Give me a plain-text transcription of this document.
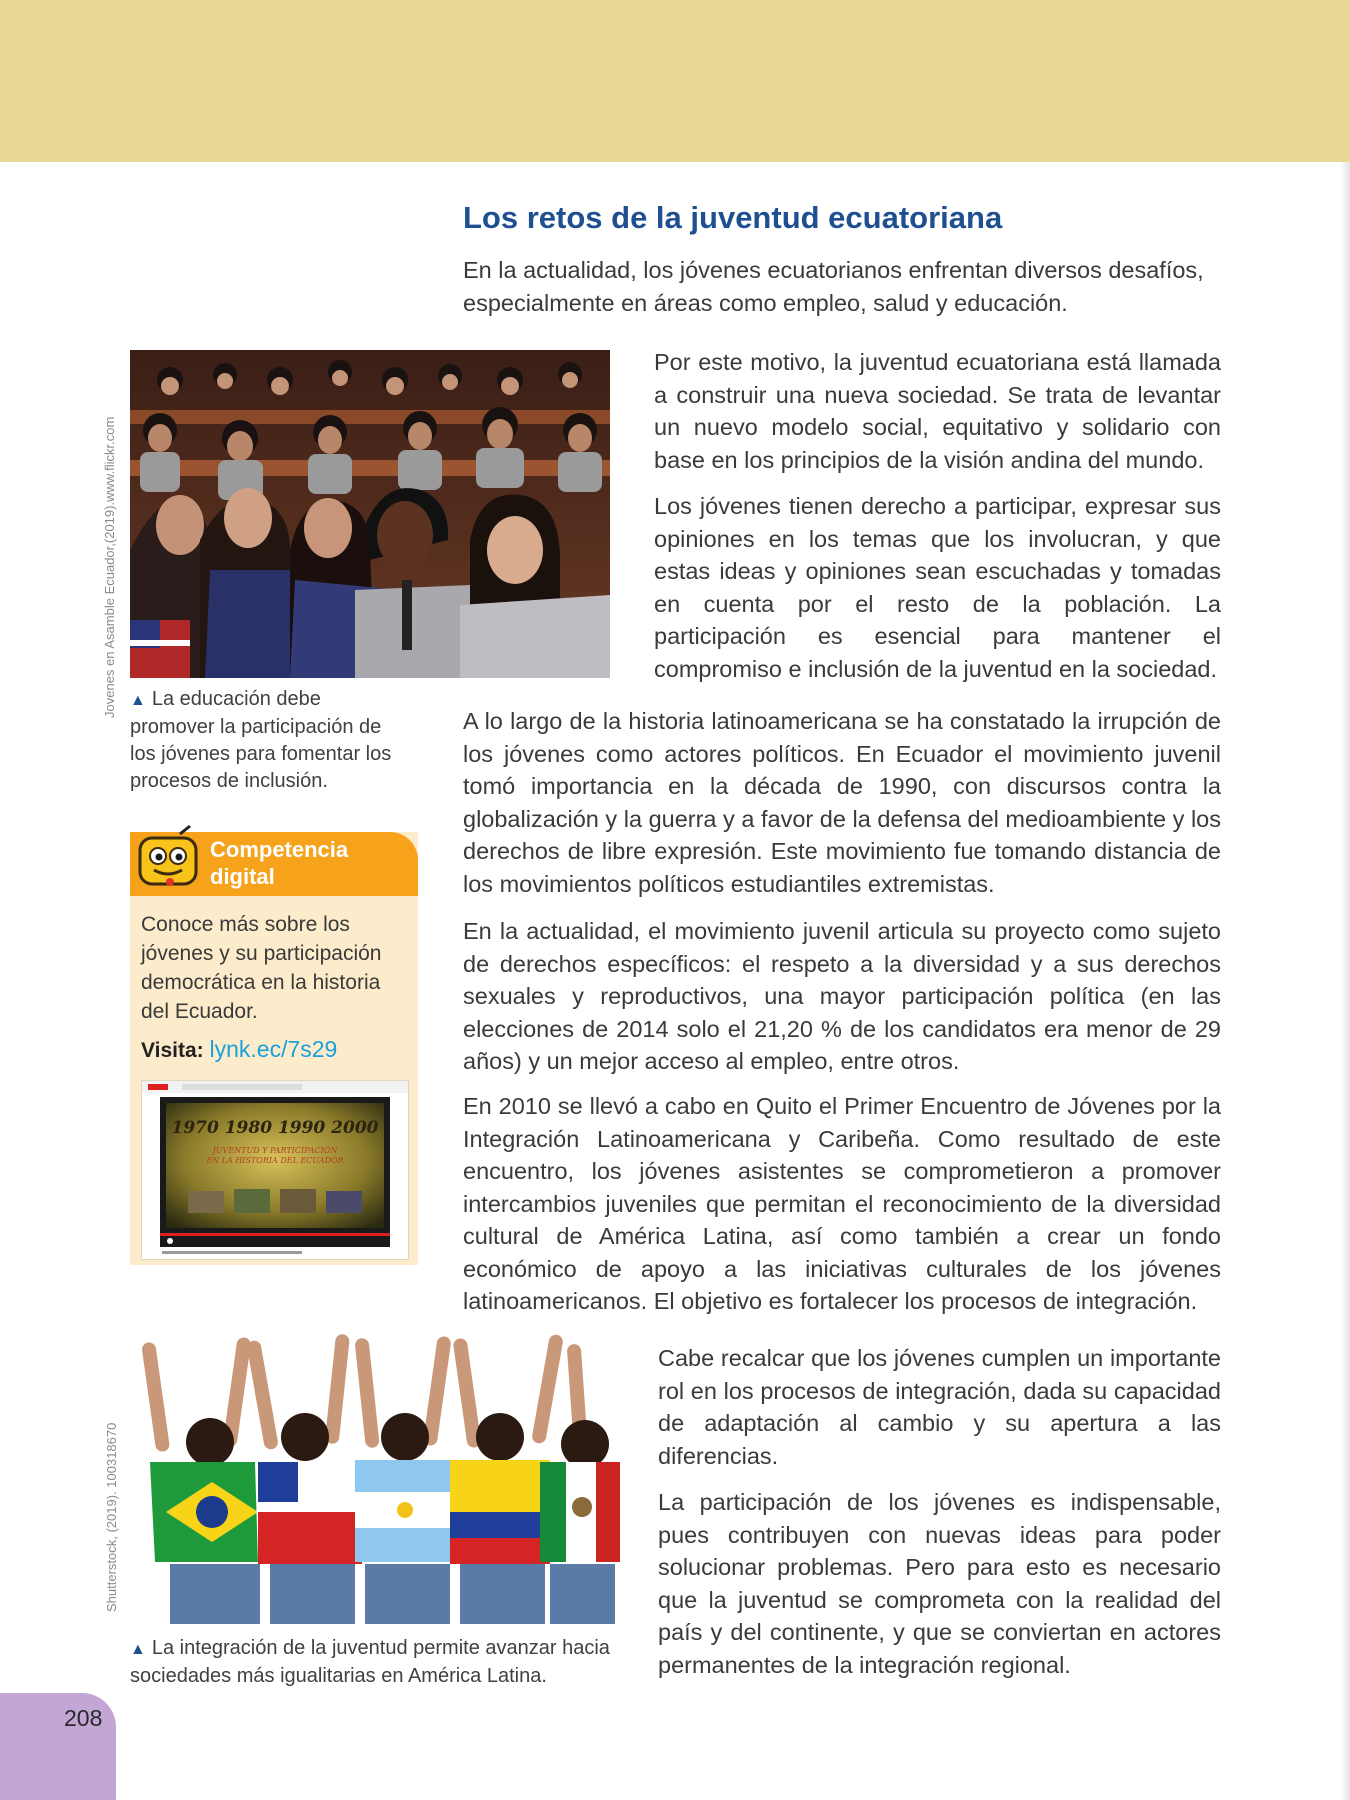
Los retos de la juventud ecuatoriana

En la actualidad, los jóvenes ecuatorianos enfrentan diversos desafíos, especialmente en áreas como empleo, salud y educación.

Jovenes en Asamble Ecuador,(2019).www.flickr.com

Por este motivo, la juventud ecuatoriana está llamada a construir una nueva sociedad. Se trata de levantar un nuevo modelo social, equitativo y solidario con base en los principios de la visión andina del mundo.

Los jóvenes tienen derecho a participar, expresar sus opiniones en los temas que los involucran, y que estas ideas y opiniones sean escuchadas y tomadas en cuenta por el resto de la población. La participación es esencial para mantener el compromiso e inclusión de la juventud en la sociedad.

▲ La educación debe promover la participación de los jóvenes para fomentar los procesos de inclusión.

A lo largo de la historia latinoamericana se ha constatado la irrupción de los jóvenes como actores políticos. En Ecuador el movimiento juvenil tomó importancia en la década de 1990, con discursos contra la globalización y la guerra y a favor de la defensa del medioambiente y los derechos de libre expresión. Este movimiento fue tomando distancia de los movimientos políticos estudiantiles extremistas.

En la actualidad, el movimiento juvenil articula su proyecto como sujeto de derechos específicos: el respeto a la diversidad y a sus derechos sexuales y reproductivos, una mayor participación política (en las elecciones de 2014 solo el 21,20 % de los candidatos era menor de 29 años) y un mejor acceso al empleo, entre otros.

En 2010 se llevó a cabo en Quito el Primer Encuentro de Jóvenes por la Integración Latinoamericana y Caribeña. Como resultado de este encuentro, los jóvenes asistentes se comprometieron a promover intercambios juveniles que permitan el reconocimiento de la diversidad cultural de América Latina, así como también a crear un fondo económico de apoyo a las iniciativas culturales de los jóvenes latinoamericanos. El objetivo es fortalecer los procesos de integración.

Competencia
digital

Conoce más sobre los jóvenes y su participación democrática en la historia del Ecuador.

Visita: lynk.ec/7s29

1970 1980 1990 2000
JUVENTUD Y PARTICIPACIÓN
EN LA HISTORIA DEL ECUADOR
Shutterstock, (2019). 100318670

▲ La integración de la juventud permite avanzar hacia sociedades más igualitarias en América Latina.

Cabe recalcar que los jóvenes cumplen un importante rol en los procesos de integración, dada su capacidad de adaptación al cambio y su apertura a las diferencias.

La participación de los jóvenes es indispensable, pues contribuyen con nuevas ideas para poder solucionar problemas. Pero para esto es necesario que la juventud se comprometa con la realidad del país y del continente, y que se conviertan en actores permanentes de la integración regional.

208
